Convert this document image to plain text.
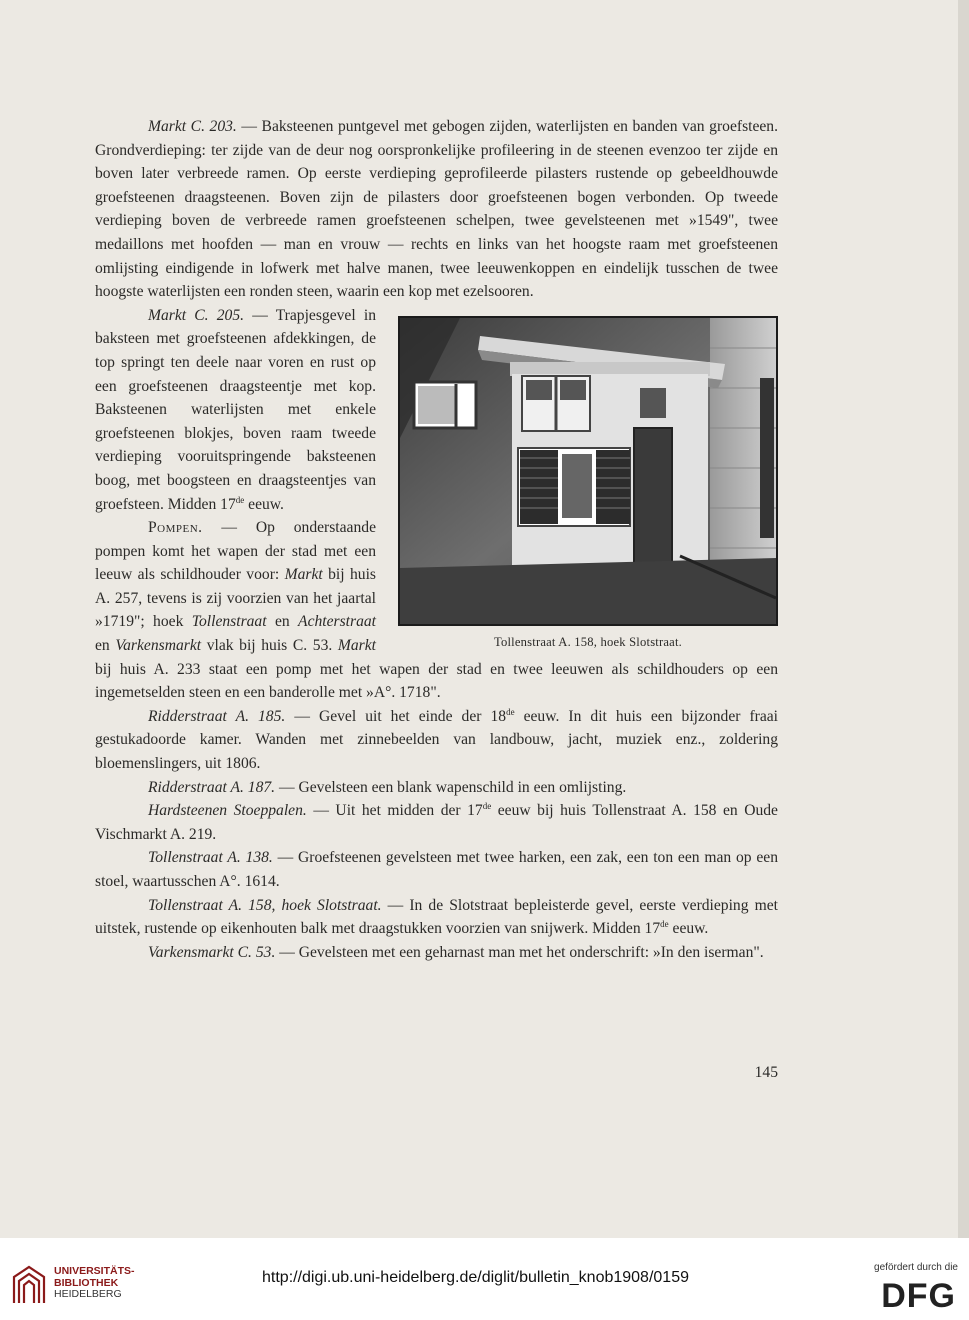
Markt C. 203. — Baksteenen puntgevel met gebogen zijden, waterlijsten en banden van groefsteen. Grondverdieping: ter zijde van de deur nog oorspronkelijke profileering in de steenen evenzoo ter zijde en boven later verbreede ramen. Op eerste verdieping geprofileerde pilasters rustende op gebeeldhouwde groefsteenen draagsteenen. Boven zijn de pilasters door groefsteenen bogen verbonden. Op tweede verdieping boven de verbreede ramen groefsteenen schelpen, twee gevelsteenen met »1549", twee medaillons met hoofden — man en vrouw — rechts en links van het hoogste raam met groefsteenen omlijsting eindigende in lofwerk met halve manen, twee leeuwenkoppen en eindelijk tusschen de twee hoogste waterlijsten een ronden steen, waarin een kop met ezelsooren.

Tollenstraat A. 158, hoek Slotstraat.

Markt C. 205. — Trapjesgevel in baksteen met groefsteenen afdekkingen, de top springt ten deele naar voren en rust op een groefsteenen draagsteentje met kop. Baksteenen waterlijsten met enkele groefsteenen blokjes, boven raam tweede verdieping vooruitspringende baksteenen boog, met boogsteen en draagsteentjes van groefsteen. Midden 17de eeuw.

Pompen. — Op onderstaande pompen komt het wapen der stad met een leeuw als schildhouder voor: Markt bij huis A. 257, tevens is zij voorzien van het jaartal »1719"; hoek Tollenstraat en Achterstraat en Varkensmarkt vlak bij huis C. 53. Markt bij huis A. 233 staat een pomp met het wapen der stad en twee leeuwen als schildhouders op een ingemetselden steen en een banderolle met »A°. 1718".

Ridderstraat A. 185. — Gevel uit het einde der 18de eeuw. In dit huis een bijzonder fraai gestukadoorde kamer. Wanden met zinnebeelden van landbouw, jacht, muziek enz., zoldering bloemenslingers, uit 1806.

Ridderstraat A. 187. — Gevelsteen een blank wapenschild in een omlijsting.

Hardsteenen Stoeppalen. — Uit het midden der 17de eeuw bij huis Tollenstraat A. 158 en Oude Vischmarkt A. 219.

Tollenstraat A. 138. — Groefsteenen gevelsteen met twee harken, een zak, een ton een man op een stoel, waartusschen A°. 1614.

Tollenstraat A. 158, hoek Slotstraat. — In de Slotstraat bepleisterde gevel, eerste verdieping met uitstek, rustende op eikenhouten balk met draagstukken voorzien van snijwerk. Midden 17de eeuw.

Varkensmarkt C. 53. — Gevelsteen met een geharnast man met het onderschrift: »In den iserman".

145
UNIVERSITÄTS-
BIBLIOTHEK
HEIDELBERG
http://digi.ub.uni-heidelberg.de/diglit/bulletin_knob1908/0159
gefördert durch die
DFG
